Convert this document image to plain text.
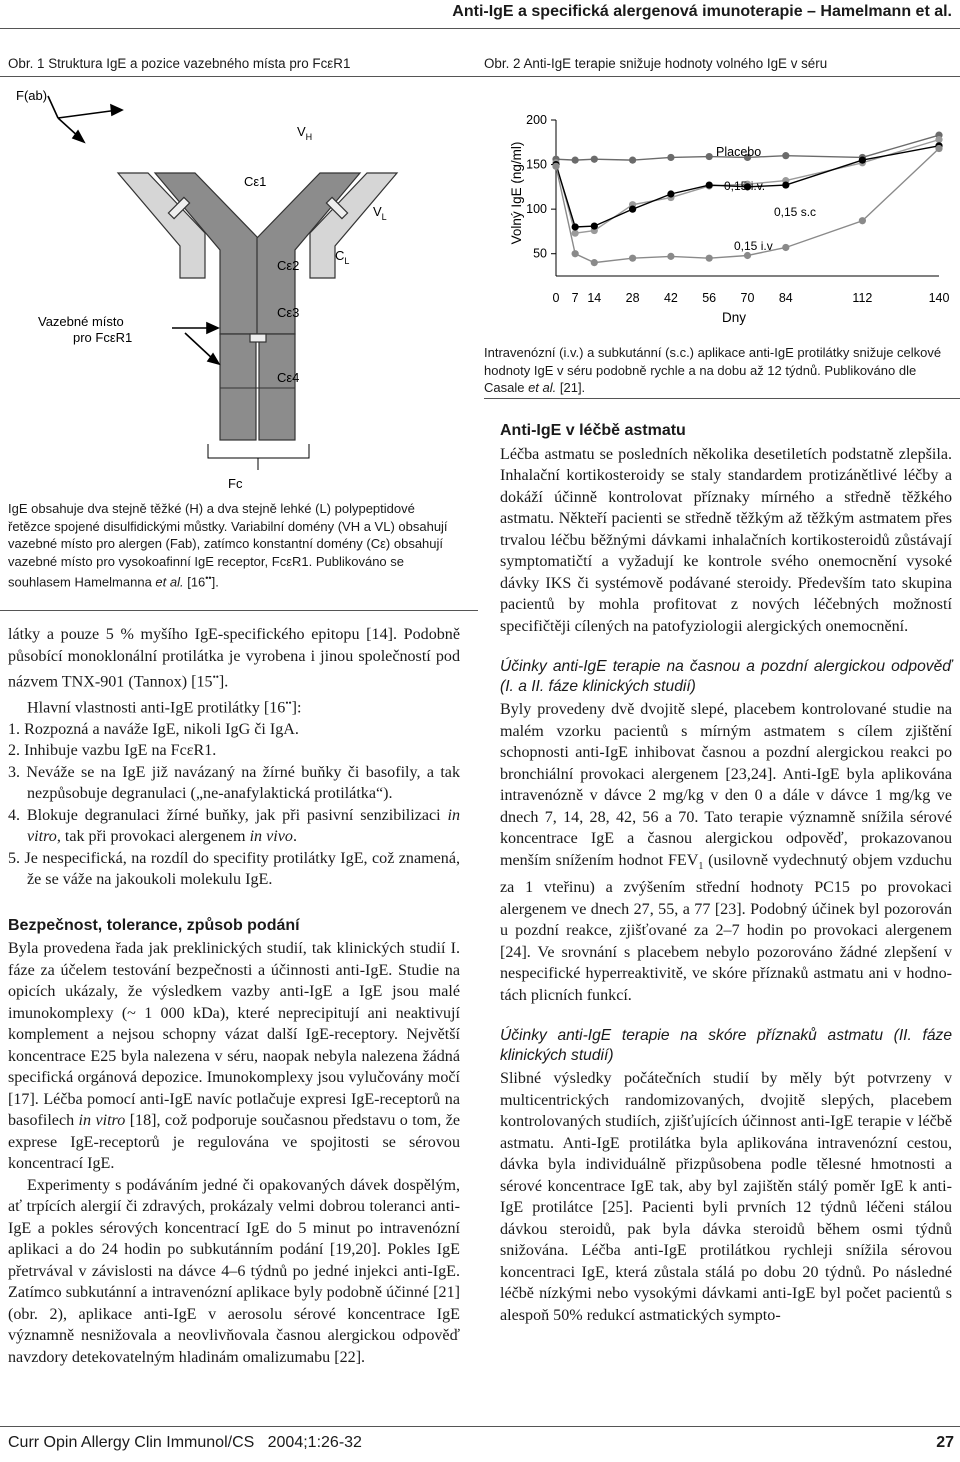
Anti-IgE a specifická alergenová imunoterapie – Hamelmann et al.
Obr. 1 Struktura IgE a pozice vazebného místa pro FcεR1	Obr. 2 Anti-IgE terapie snižuje hodnoty volného IgE v séru
F(ab)
$V_H$
Cε1
$V_L$
Cε2
$C_L$
Cε3
Cε4
Vazebné místo
pro FcεR1
Fc
IgE obsahuje dva stejně těžké (H) a dva stejně lehké (L) polypeptidové řetězce spojené disulfidickými můstky. Variabilní domény (VH a VL) obsahují vazebné místo pro alergen (Fab), zatímco konstantní domény (Cε) obsahují vazebné místo pro vysokoafinní IgE receptor, FcεR1. Publikováno se souhlasem Hamelmanna et al. [16••].
50
100
150
200
0 7 14 28 42 56 70 84	112	140
Volný IgE (ng/ml)
Dny
Placebo
0,15 i.v.
0,15 s.c
0,15 i.v
Intravenózní (i.v.) a subkutánní (s.c.) aplikace anti-IgE protilátky snižuje celkové hodnoty IgE v séru podobně rychle a na dobu až 12 týdnů. Publikováno dle Casale et al. [21].

látky a pouze 5 % myšího IgE-specifického epitopu [14]. Podobně působící monoklonální protilátka je vyrobena i jinou společností pod názvem TNX-901 (Tannox) [15••].

Hlavní vlastnosti anti-IgE protilátky [16••]:

1. Rozpozná a naváže IgE, nikoli IgG či IgA.

2. Inhibuje vazbu IgE na FcεR1.

3. Neváže se na IgE již navázaný na žírné buňky či basofily, a tak nezpůsobuje degranulaci („ne-anafylaktická protilátka“).

4. Blokuje degranulaci žírné buňky, jak při pasivní senzibilizaci in vitro, tak při provokaci alergenem in vivo.

5. Je nespecifická, na rozdíl do specifity protilátky IgE, což znamená, že se váže na jakoukoli molekulu IgE.

Bezpečnost, tolerance, způsob podání

Byla provedena řada jak preklinických studií, tak klinických studií I. fáze za účelem testování bezpečnosti a účinnosti anti-IgE. Studie na opicích ukázaly, že výsledkem vazby anti-IgE a IgE jsou malé imunokomplexy (~ 1 000 kDa), které neprecipitují ani neaktivují komplement a nejsou schopny vázat další IgE-receptory. Největší koncentrace E25 byla nalezena v séru, naopak nebyla nalezena žádná specifická orgánová depozice. Imunokomplexy jsou vylučovány močí [17]. Léčba pomocí anti-IgE navíc potlačuje expresi IgE-receptorů na basofilech in vitro [18], což podporuje současnou představu o tom, že exprese IgE-receptorů je regulována ve spojitosti se sérovou koncentrací IgE.

Experimenty s podáváním jedné či opakovaných dávek dospělým, ať trpících alergií či zdravých, prokázaly velmi dobrou toleranci anti-IgE a pokles sérových koncentrací IgE do 5 minut po intravenózní aplikaci a do 24 hodin po subkutánním podání [19,20]. Pokles IgE přetrvával v závislosti na dávce 4–6 týdnů po jedné injekci anti-IgE. Zatímco subkutánní a intravenózní aplikace byly podobně účinné [21] (obr. 2), aplikace anti-IgE v aerosolu sérové koncentrace IgE významně nesnižovala a neovlivňovala časnou alergickou odpověď navzdory detekovatelným hladinám omalizumabu [22].

Anti-IgE v léčbě astmatu

Léčba astmatu se posledních několika desetiletích podstatně zlepšila. Inhalační kortikosteroidy se staly standardem protizánětlivé léčby a dokáží účinně kontrolovat příznaky mírného a středně těžkého astmatu. Někteří pacienti se středně těžkým až těžkým astmatem přes trvalou léčbu běžnými dávkami inhalačních kortikosteroidů zůstávají symptomatičtí a vyžadují ke kontrole svého onemocnění vysoké dávky IKS či systémově podávané steroidy. Především tato skupina pacientů by mohla profitovat z nových léčebných možností specifičtěji cílených na patofyziologii alergických onemocnění.

Účinky anti-IgE terapie na časnou a pozdní alergickou odpověď (I. a II. fáze klinických studií)

Byly provedeny dvě dvojitě slepé, placebem kontrolované studie na malém vzorku pacientů s mírným astmatem s cílem zjištění schopnosti anti-IgE inhibovat časnou a pozdní alergickou reakci po bronchiální provokaci alergenem [23,24]. Anti-IgE byla aplikována intravenózně v dávce 2 mg/kg v den 0 a dále v dávce 1 mg/kg ve dnech 7, 14, 28, 42, 56 a 70. Tato terapie významně snížila sérové koncentrace IgE a časnou alergickou odpověď, prokazovanou menším snížením hodnot $FEV_1$ (usilovně vydechnutý objem vzduchu za 1 vteřinu) a zvýšením střední hodnoty PC15 po provokaci alergenem ve dnech 27, 55, a 77 [23]. Podobný účinek byl pozorován u pozdní reakce, zjišťované za 2–7 hodin po provokaci alergenem [24]. Ve srovnání s placebem nebylo pozorováno žádné zlepšení v nespecifické hyperreaktivitě, ve skóre příznaků astmatu ani v hodnotách plicních funkcí.

Účinky anti-IgE terapie na skóre příznaků astmatu (II. fáze klinických studií)

Slibné výsledky počátečních studií by měly být potvrzeny v multicentrických randomizovaných, dvojitě slepých, placebem kontrolovaných studiích, zjišťujících účinnost anti-IgE terapie v léčbě astmatu. Anti-IgE protilátka byla aplikována intravenózní cestou, dávka byla individuálně přizpůsobena podle tělesné hmotnosti a sérové koncentrace IgE tak, aby byl zajištěn stálý poměr IgE k anti-IgE protilátce [25]. Pacienti byli prvních 12 týdnů léčeni stálou dávkou steroidů, pak byla dávka steroidů během osmi týdnů snižována. Léčba anti-IgE protilátkou rychleji snížila sérovou koncentraci IgE, která zůstala stálá po dobu 20 týdnů. Po následné léčbě nízkými nebo vysokými dávkami anti-IgE byl počet pacientů s alespoň 50% redukcí astmatických sympto-

Curr Opin Allergy Clin Immunol/CS   2004;1:26-32	27
